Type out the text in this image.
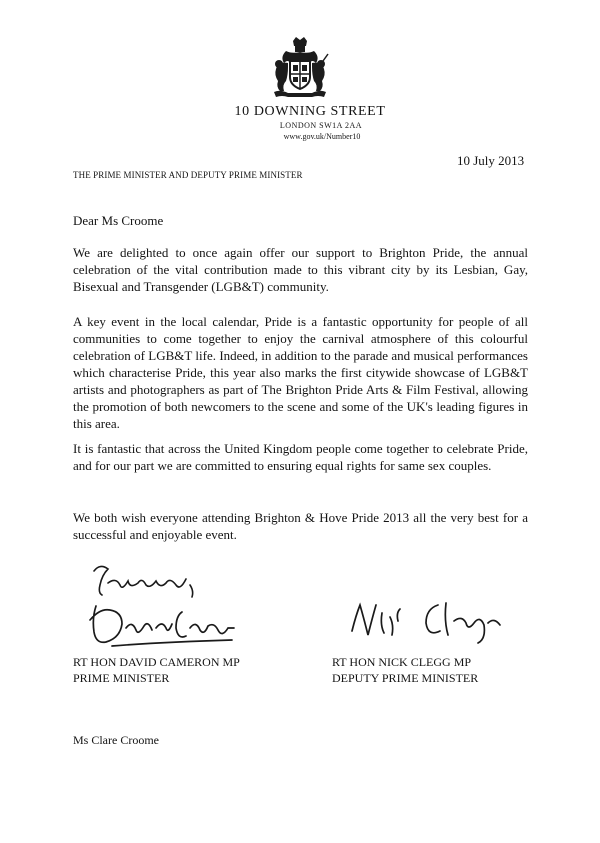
10 DOWNING STREET
LONDON SW1A 2AA
www.gov.uk/Number10
10 July 2013
THE PRIME MINISTER AND DEPUTY PRIME MINISTER
Dear Ms Croome

We are delighted to once again offer our support to Brighton Pride, the annual celebration of the vital contribution made to this vibrant city by its Lesbian, Gay, Bisexual and Transgender (LGB&T) community.

A key event in the local calendar, Pride is a fantastic opportunity for people of all communities to come together to enjoy the carnival atmosphere of this colourful celebration of LGB&T life. Indeed, in addition to the parade and musical performances which characterise Pride, this year also marks the first citywide showcase of LGB&T artists and photographers as part of The Brighton Pride Arts & Film Festival, allowing the promotion of both newcomers to the scene and some of the UK's leading figures in this area.

It is fantastic that across the United Kingdom people come together to celebrate Pride, and for our part we are committed to ensuring equal rights for same sex couples.

We both wish everyone attending Brighton & Hove Pride 2013 all the very best for a successful and enjoyable event.

RT HON DAVID CAMERON MP
PRIME MINISTER
RT HON NICK CLEGG MP
DEPUTY PRIME MINISTER
Ms Clare Croome
